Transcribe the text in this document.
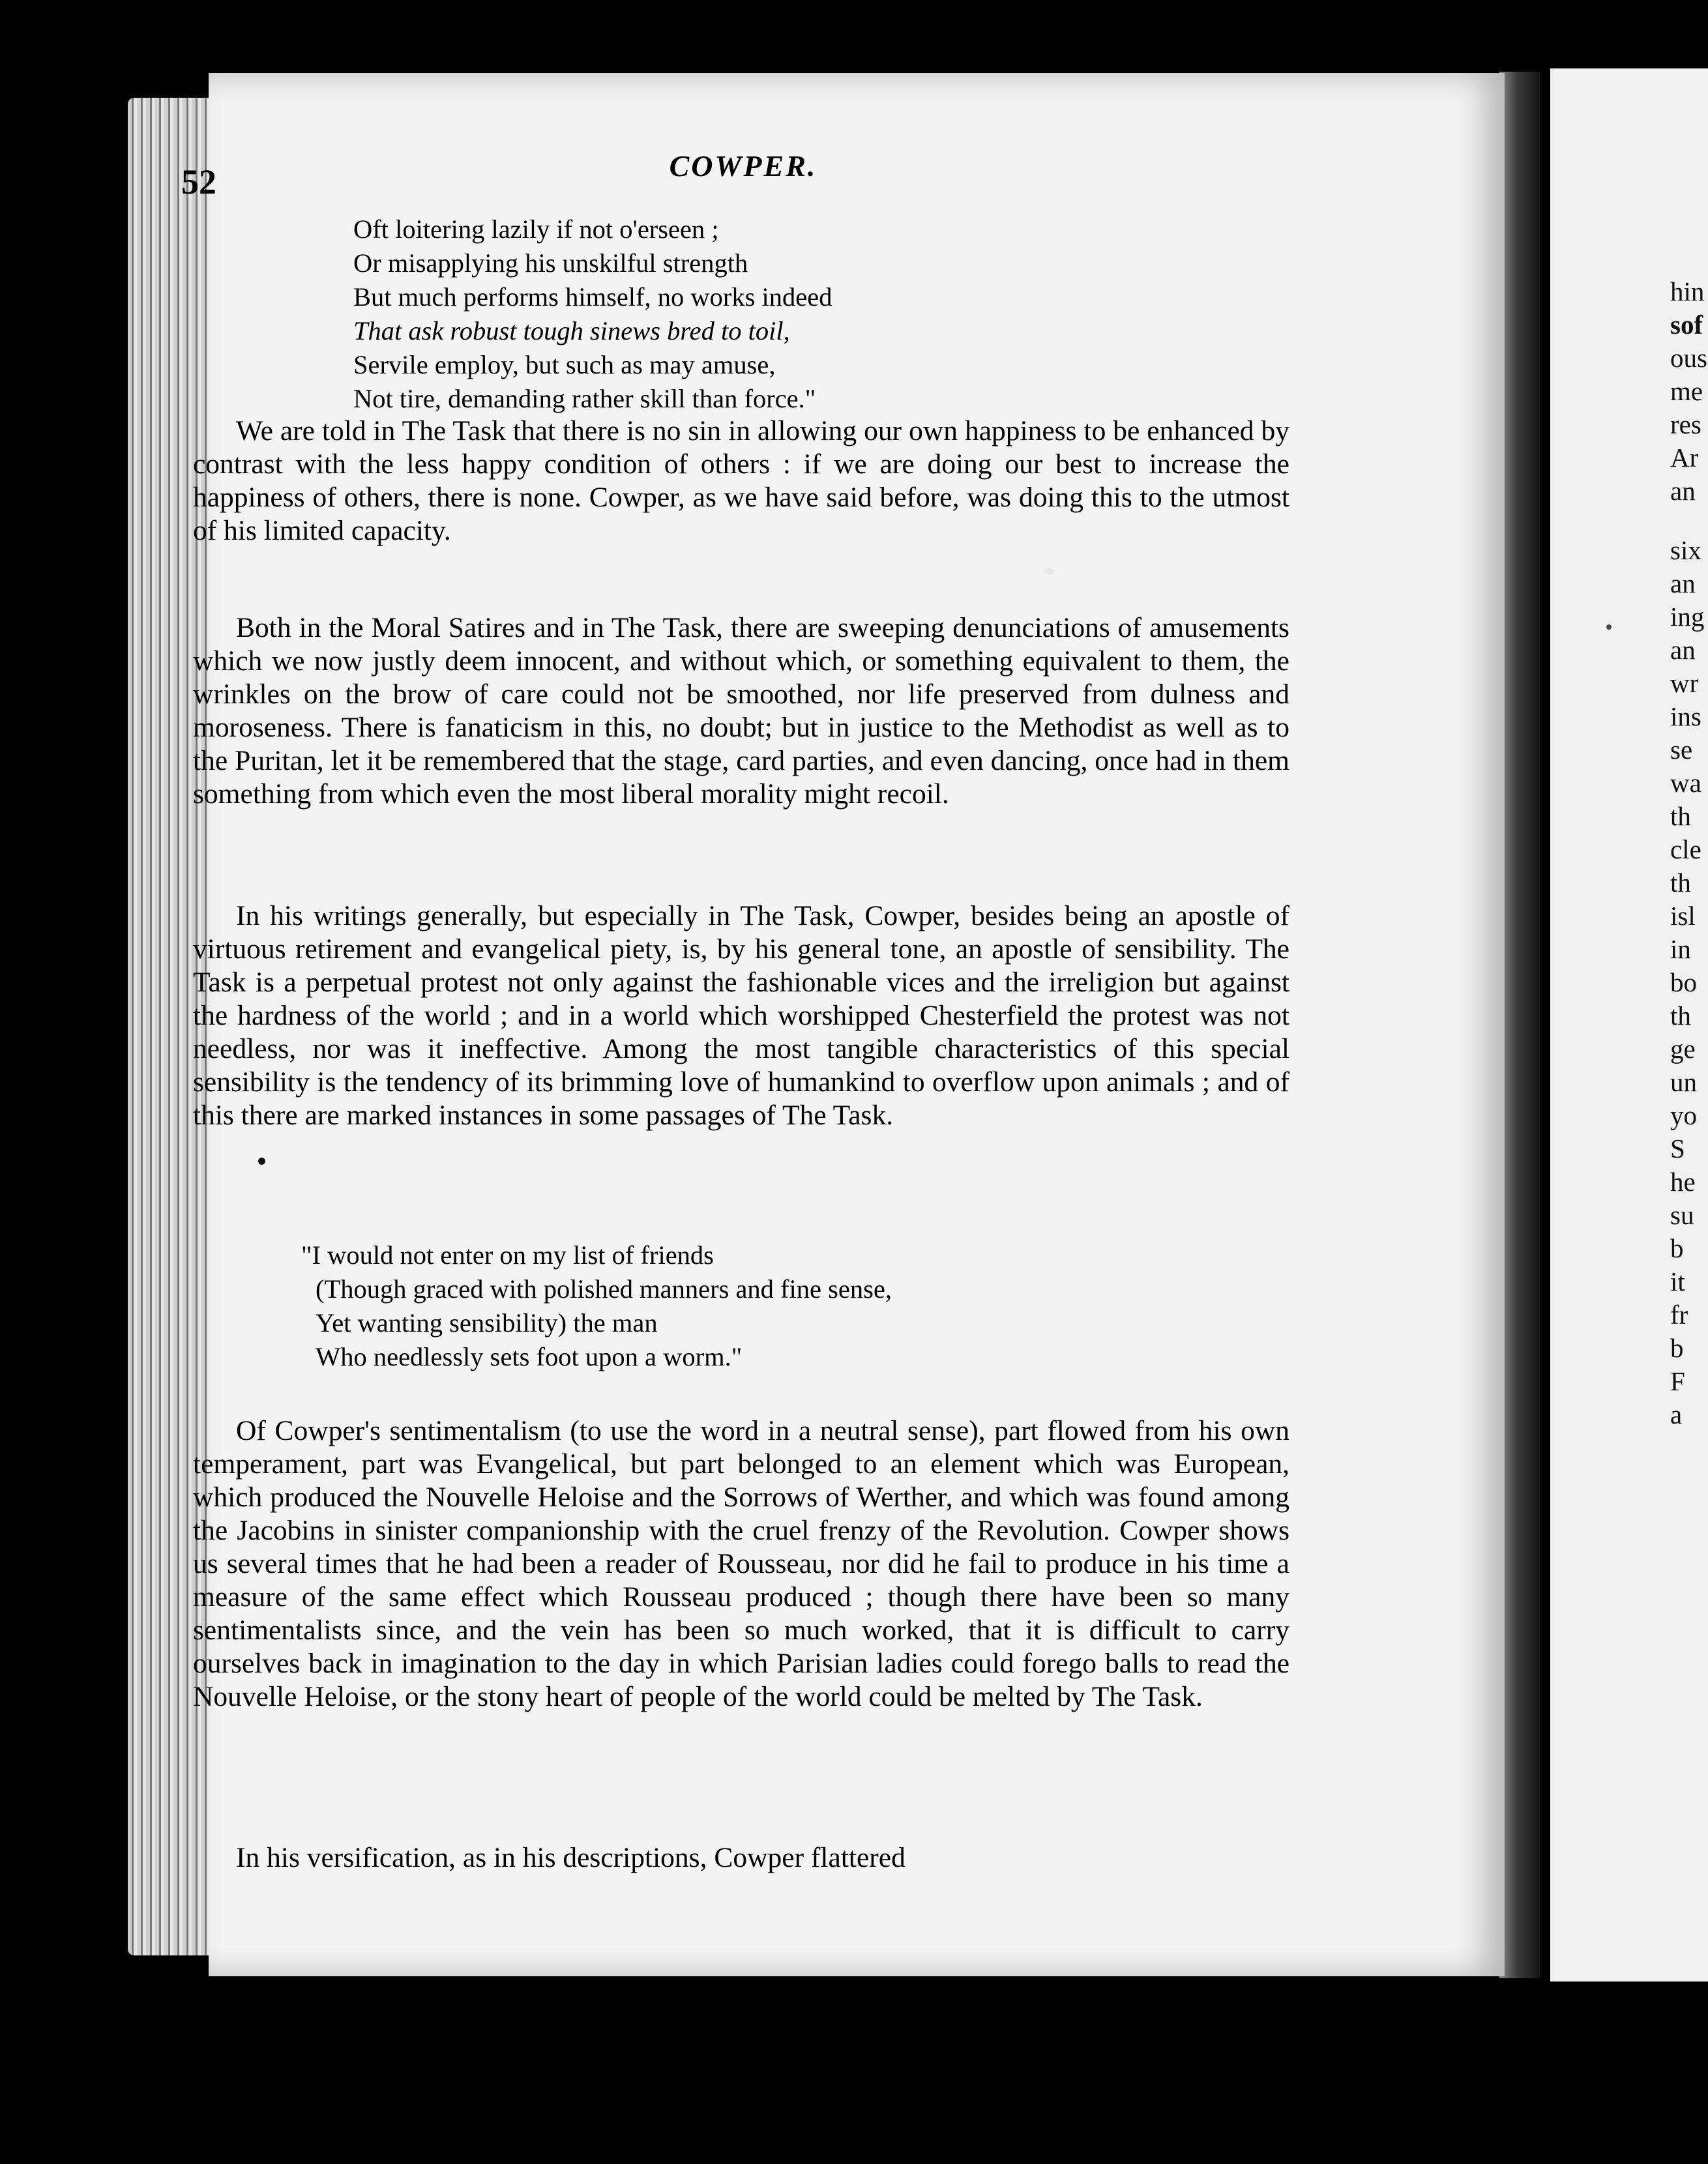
hin
sof
ous
me
res
Ar
an
six
an
ing
an
wr
ins
se
wa
th
cle
th
isl
in
bo
th
ge
un
yo
S
he
su
b
it
fr
b
F
a
52	COWPER.
Oft loitering lazily if not o'erseen ;
Or misapplying his unskilful strength
But much performs himself, no works indeed
That ask robust tough sinews bred to toil,
Servile employ, but such as may amuse,
Not tire, demanding rather skill than force."

We are told in The Task that there is no sin in allowing our own happiness to be enhanced by contrast with the less happy condition of others : if we are doing our best to increase the happiness of others, there is none. Cowper, as we have said before, was doing this to the utmost of his limited capacity.

Both in the Moral Satires and in The Task, there are sweeping denunciations of amusements which we now justly deem innocent, and without which, or something equivalent to them, the wrinkles on the brow of care could not be smoothed, nor life preserved from dulness and moroseness. There is fanaticism in this, no doubt; but in justice to the Methodist as well as to the Puritan, let it be remembered that the stage, card parties, and even dancing, once had in them something from which even the most liberal morality might recoil.

In his writings generally, but especially in The Task, Cowper, besides being an apostle of virtuous retirement and evangelical piety, is, by his general tone, an apostle of sensibility. The Task is a perpetual protest not only against the fashionable vices and the irreligion but against the hardness of the world ; and in a world which worshipped Chesterfield the protest was not needless, nor was it ineffective. Among the most tangible characteristics of this special sensibility is the tendency of its brimming love of humankind to overflow upon animals ; and of this there are marked instances in some passages of The Task.

"I would not enter on my list of friends
(Though graced with polished manners and fine sense,
Yet wanting sensibility) the man
Who needlessly sets foot upon a worm."

Of Cowper's sentimentalism (to use the word in a neutral sense), part flowed from his own temperament, part was Evangelical, but part belonged to an element which was European, which produced the Nouvelle Heloise and the Sorrows of Werther, and which was found among the Jacobins in sinister companionship with the cruel frenzy of the Revolution. Cowper shows us several times that he had been a reader of Rousseau, nor did he fail to produce in his time a measure of the same effect which Rousseau produced ; though there have been so many sentimentalists since, and the vein has been so much worked, that it is difficult to carry ourselves back in imagination to the day in which Parisian ladies could forego balls to read the Nouvelle Heloise, or the stony heart of people of the world could be melted by The Task.

In his versification, as in his descriptions, Cowper flattered
